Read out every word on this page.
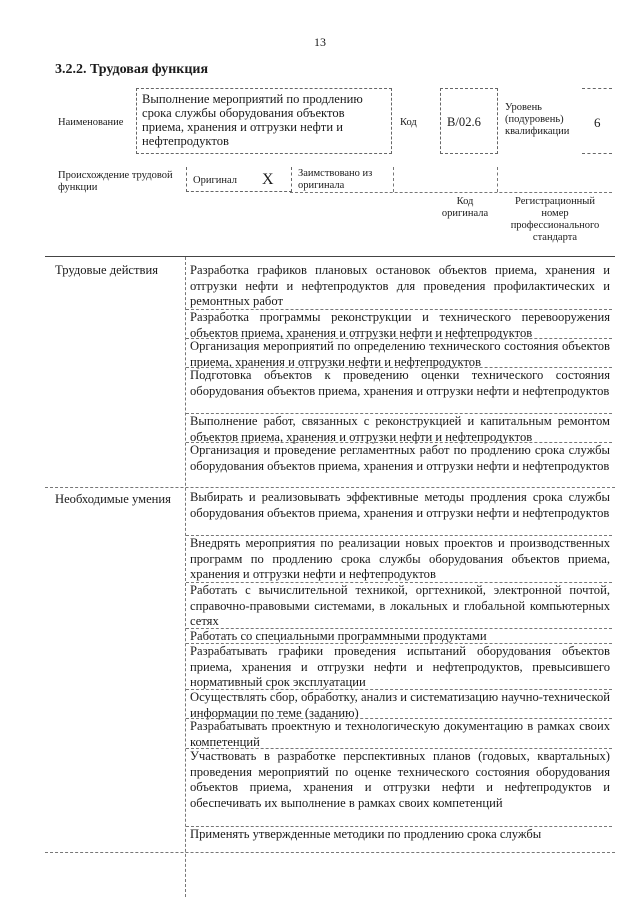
13
3.2.2. Трудовая функция
Наименование
Выполнение мероприятий по продлению срока службы оборудования объектов приема, хранения и отгрузки нефти и нефтепродуктов
Код B/02.6
Уровень (подуровень) квалификации
6
Происхождение трудовой функции
Оригинал X Заимствовано из оригинала
Код оригинала
Регистрационный номер профессионального стандарта
Трудовые действия
Необходимые умения
Разработка графиков плановых остановок объектов приема, хранения и отгрузки нефти и нефтепродуктов для проведения профилактических и ремонтных работ
Разработка программы реконструкции и технического перевооружения объектов приема, хранения и отгрузки нефти и нефтепродуктов
Организация мероприятий по определению технического состояния объектов приема, хранения и отгрузки нефти и нефтепродуктов
Подготовка объектов к проведению оценки технического состояния оборудования объектов приема, хранения и отгрузки нефти и нефтепродуктов
Выполнение работ, связанных с реконструкцией и капитальным ремонтом объектов приема, хранения и отгрузки нефти и нефтепродуктов
Организация и проведение регламентных работ по продлению срока службы оборудования объектов приема, хранения и отгрузки нефти и нефтепродуктов
Выбирать и реализовывать эффективные методы продления срока службы оборудования объектов приема, хранения и отгрузки нефти и нефтепродуктов
Внедрять мероприятия по реализации новых проектов и производственных программ по продлению срока службы оборудования объектов приема, хранения и отгрузки нефти и нефтепродуктов
Работать с вычислительной техникой, оргтехникой, электронной почтой, справочно-правовыми системами, в локальных и глобальной компьютерных сетях
Работать со специальными программными продуктами
Разрабатывать графики проведения испытаний оборудования объектов приема, хранения и отгрузки нефти и нефтепродуктов, превысившего нормативный срок эксплуатации
Осуществлять сбор, обработку, анализ и систематизацию научно-технической информации по теме (заданию)
Разрабатывать проектную и технологическую документацию в рамках своих компетенций
Участвовать в разработке перспективных планов (годовых, квартальных) проведения мероприятий по оценке технического состояния оборудования объектов приема, хранения и отгрузки нефти и нефтепродуктов и обеспечивать их выполнение в рамках своих компетенций
Применять утвержденные методики по продлению срока службы
